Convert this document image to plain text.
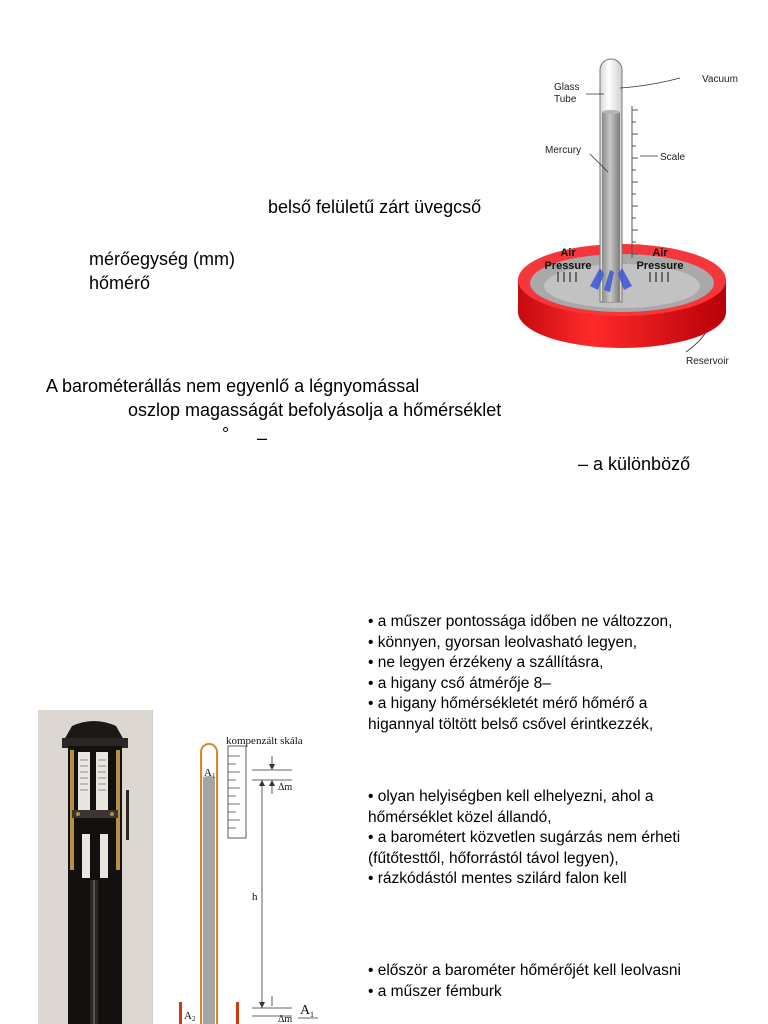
belső felületű zárt üvegcső
mérőegység (mm)
hőmérő
A barométerállás nem egyenlő a légnyomással
oszlop magasságát befolyásolja a hőmérséklet
° –
– a különböző
Glass
Tube
Vacuum
Mercury
Scale
Air
Pressure
Air
Pressure
Reservoir
• a műszer pontossága időben ne változzon,
• könnyen, gyorsan leolvasható legyen,
• ne legyen érzékeny a szállításra,
• a higany cső átmérője 8–
• a higany hőmérsékletét mérő hőmérő a
higannyal töltött belső csővel érintkezzék,
• olyan helyiségben kell elhelyezni, ahol a
hőmérséklet közel állandó,
• a barométert közvetlen sugárzás nem érheti
(fűtőtesttől, hőforrástól távol legyen),
• rázkódástól mentes szilárd falon kell
• először a barométer hőmérőjét kell leolvasni
• a műszer fémburk
kompenzált skála
A 1
Δm
h
A 2	Δm
A 1
